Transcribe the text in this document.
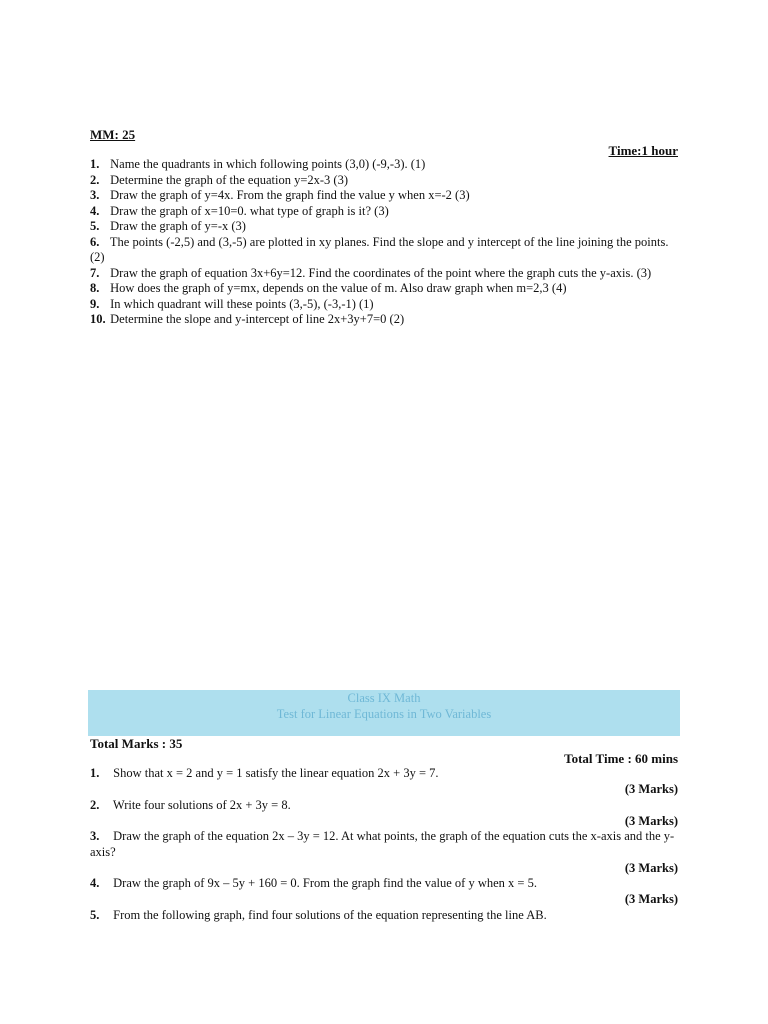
MM: 25
Time:1 hour
1. Name the quadrants in which following points (3,0) (-9,-3). (1)
2. Determine the graph of the equation y=2x-3 (3)
3. Draw the graph of y=4x. From the graph find the value y when x=-2 (3)
4. Draw the graph of x=10=0. what type of graph is it? (3)
5. Draw the graph of y=-x (3)
6. The points (-2,5) and (3,-5) are plotted in xy planes. Find the slope and y intercept of the line joining the points. (2)
7. Draw the graph of equation 3x+6y=12. Find the coordinates of the point where the graph cuts the y-axis. (3)
8. How does the graph of y=mx, depends on the value of m. Also draw graph when m=2,3 (4)
9. In which quadrant will these points (3,-5), (-3,-1) (1)
10. Determine the slope and y-intercept of line 2x+3y+7=0 (2)
Class IX Math
Test for Linear Equations in Two Variables
Total Marks : 35
Total Time : 60 mins
1. Show that x = 2 and y = 1 satisfy the linear equation 2x + 3y = 7.
(3 Marks)
2. Write four solutions of 2x + 3y = 8.
(3 Marks)
3. Draw the graph of the equation 2x – 3y = 12. At what points, the graph of the equation cuts the x-axis and the y-axis?
(3 Marks)
4. Draw the graph of 9x – 5y + 160 = 0. From the graph find the value of y when x = 5.
(3 Marks)
5. From the following graph, find four solutions of the equation representing the line AB.
